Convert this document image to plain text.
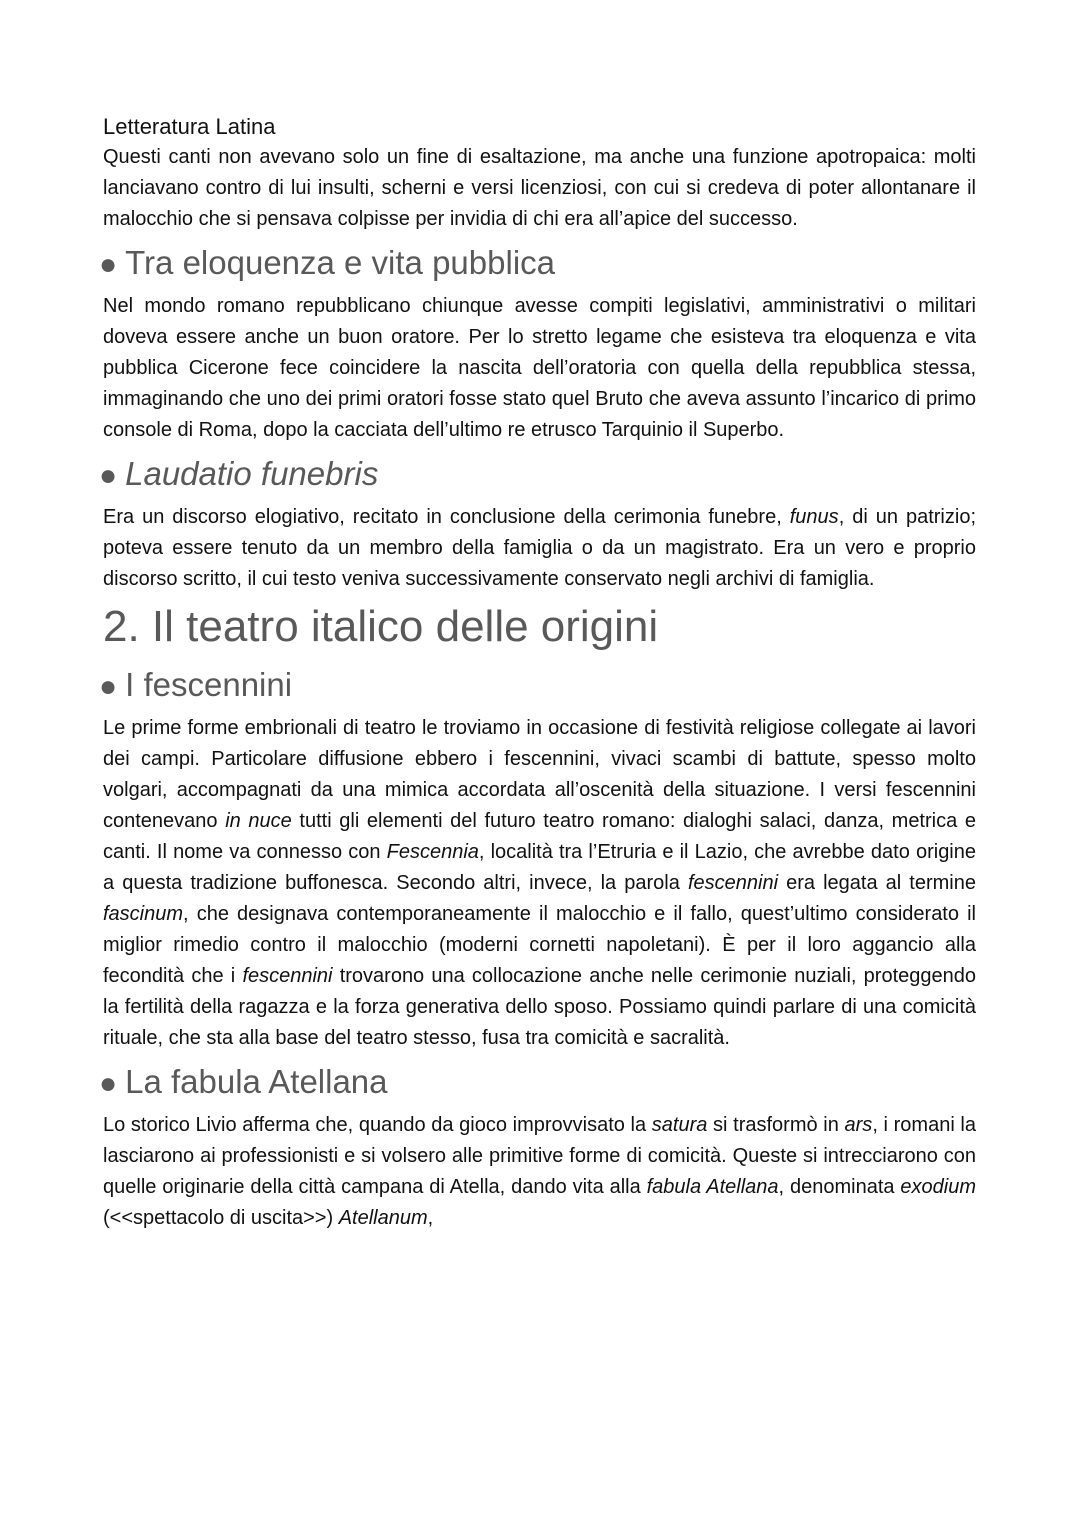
Letteratura Latina

Questi canti non avevano solo un fine di esaltazione, ma anche una funzione apotropaica: molti lanciavano contro di lui insulti, scherni e versi licenziosi, con cui si credeva di poter allontanare il malocchio che si pensava colpisse per invidia di chi era all’apice del successo.

● Tra eloquenza e vita pubblica

Nel mondo romano repubblicano chiunque avesse compiti legislativi, amministrativi o militari doveva essere anche un buon oratore. Per lo stretto legame che esisteva tra eloquenza e vita pubblica Cicerone fece coincidere la nascita dell’oratoria con quella della repubblica stessa, immaginando che uno dei primi oratori fosse stato quel Bruto che aveva assunto l’incarico di primo console di Roma, dopo la cacciata dell’ultimo re etrusco Tarquinio il Superbo.

● Laudatio funebris

Era un discorso elogiativo, recitato in conclusione della cerimonia funebre, funus, di un patrizio; poteva essere tenuto da un membro della famiglia o da un magistrato. Era un vero e proprio discorso scritto, il cui testo veniva successivamente conservato negli archivi di famiglia.

2. Il teatro italico delle origini
● I fescennini

Le prime forme embrionali di teatro le troviamo in occasione di festività religiose collegate ai lavori dei campi. Particolare diffusione ebbero i fescennini, vivaci scambi di battute, spesso molto volgari, accompagnati da una mimica accordata all’oscenità della situazione. I versi fescennini contenevano in nuce tutti gli elementi del futuro teatro romano: dialoghi salaci, danza, metrica e canti. Il nome va connesso con Fescennia, località tra l’Etruria e il Lazio, che avrebbe dato origine a questa tradizione buffonesca. Secondo altri, invece, la parola fescennini era legata al termine fascinum, che designava contemporaneamente il malocchio e il fallo, quest’ultimo considerato il miglior rimedio contro il malocchio (moderni cornetti napoletani). È per il loro aggancio alla fecondità che i fescennini trovarono una collocazione anche nelle cerimonie nuziali, proteggendo la fertilità della ragazza e la forza generativa dello sposo. Possiamo quindi parlare di una comicità rituale, che sta alla base del teatro stesso, fusa tra comicità e sacralità.

● La fabula Atellana

Lo storico Livio afferma che, quando da gioco improvvisato la satura si trasformò in ars, i romani la lasciarono ai professionisti e si volsero alle primitive forme di comicità. Queste si intrecciarono con quelle originarie della città campana di Atella, dando vita alla fabula Atellana, denominata exodium (<<spettacolo di uscita>>) Atellanum,
